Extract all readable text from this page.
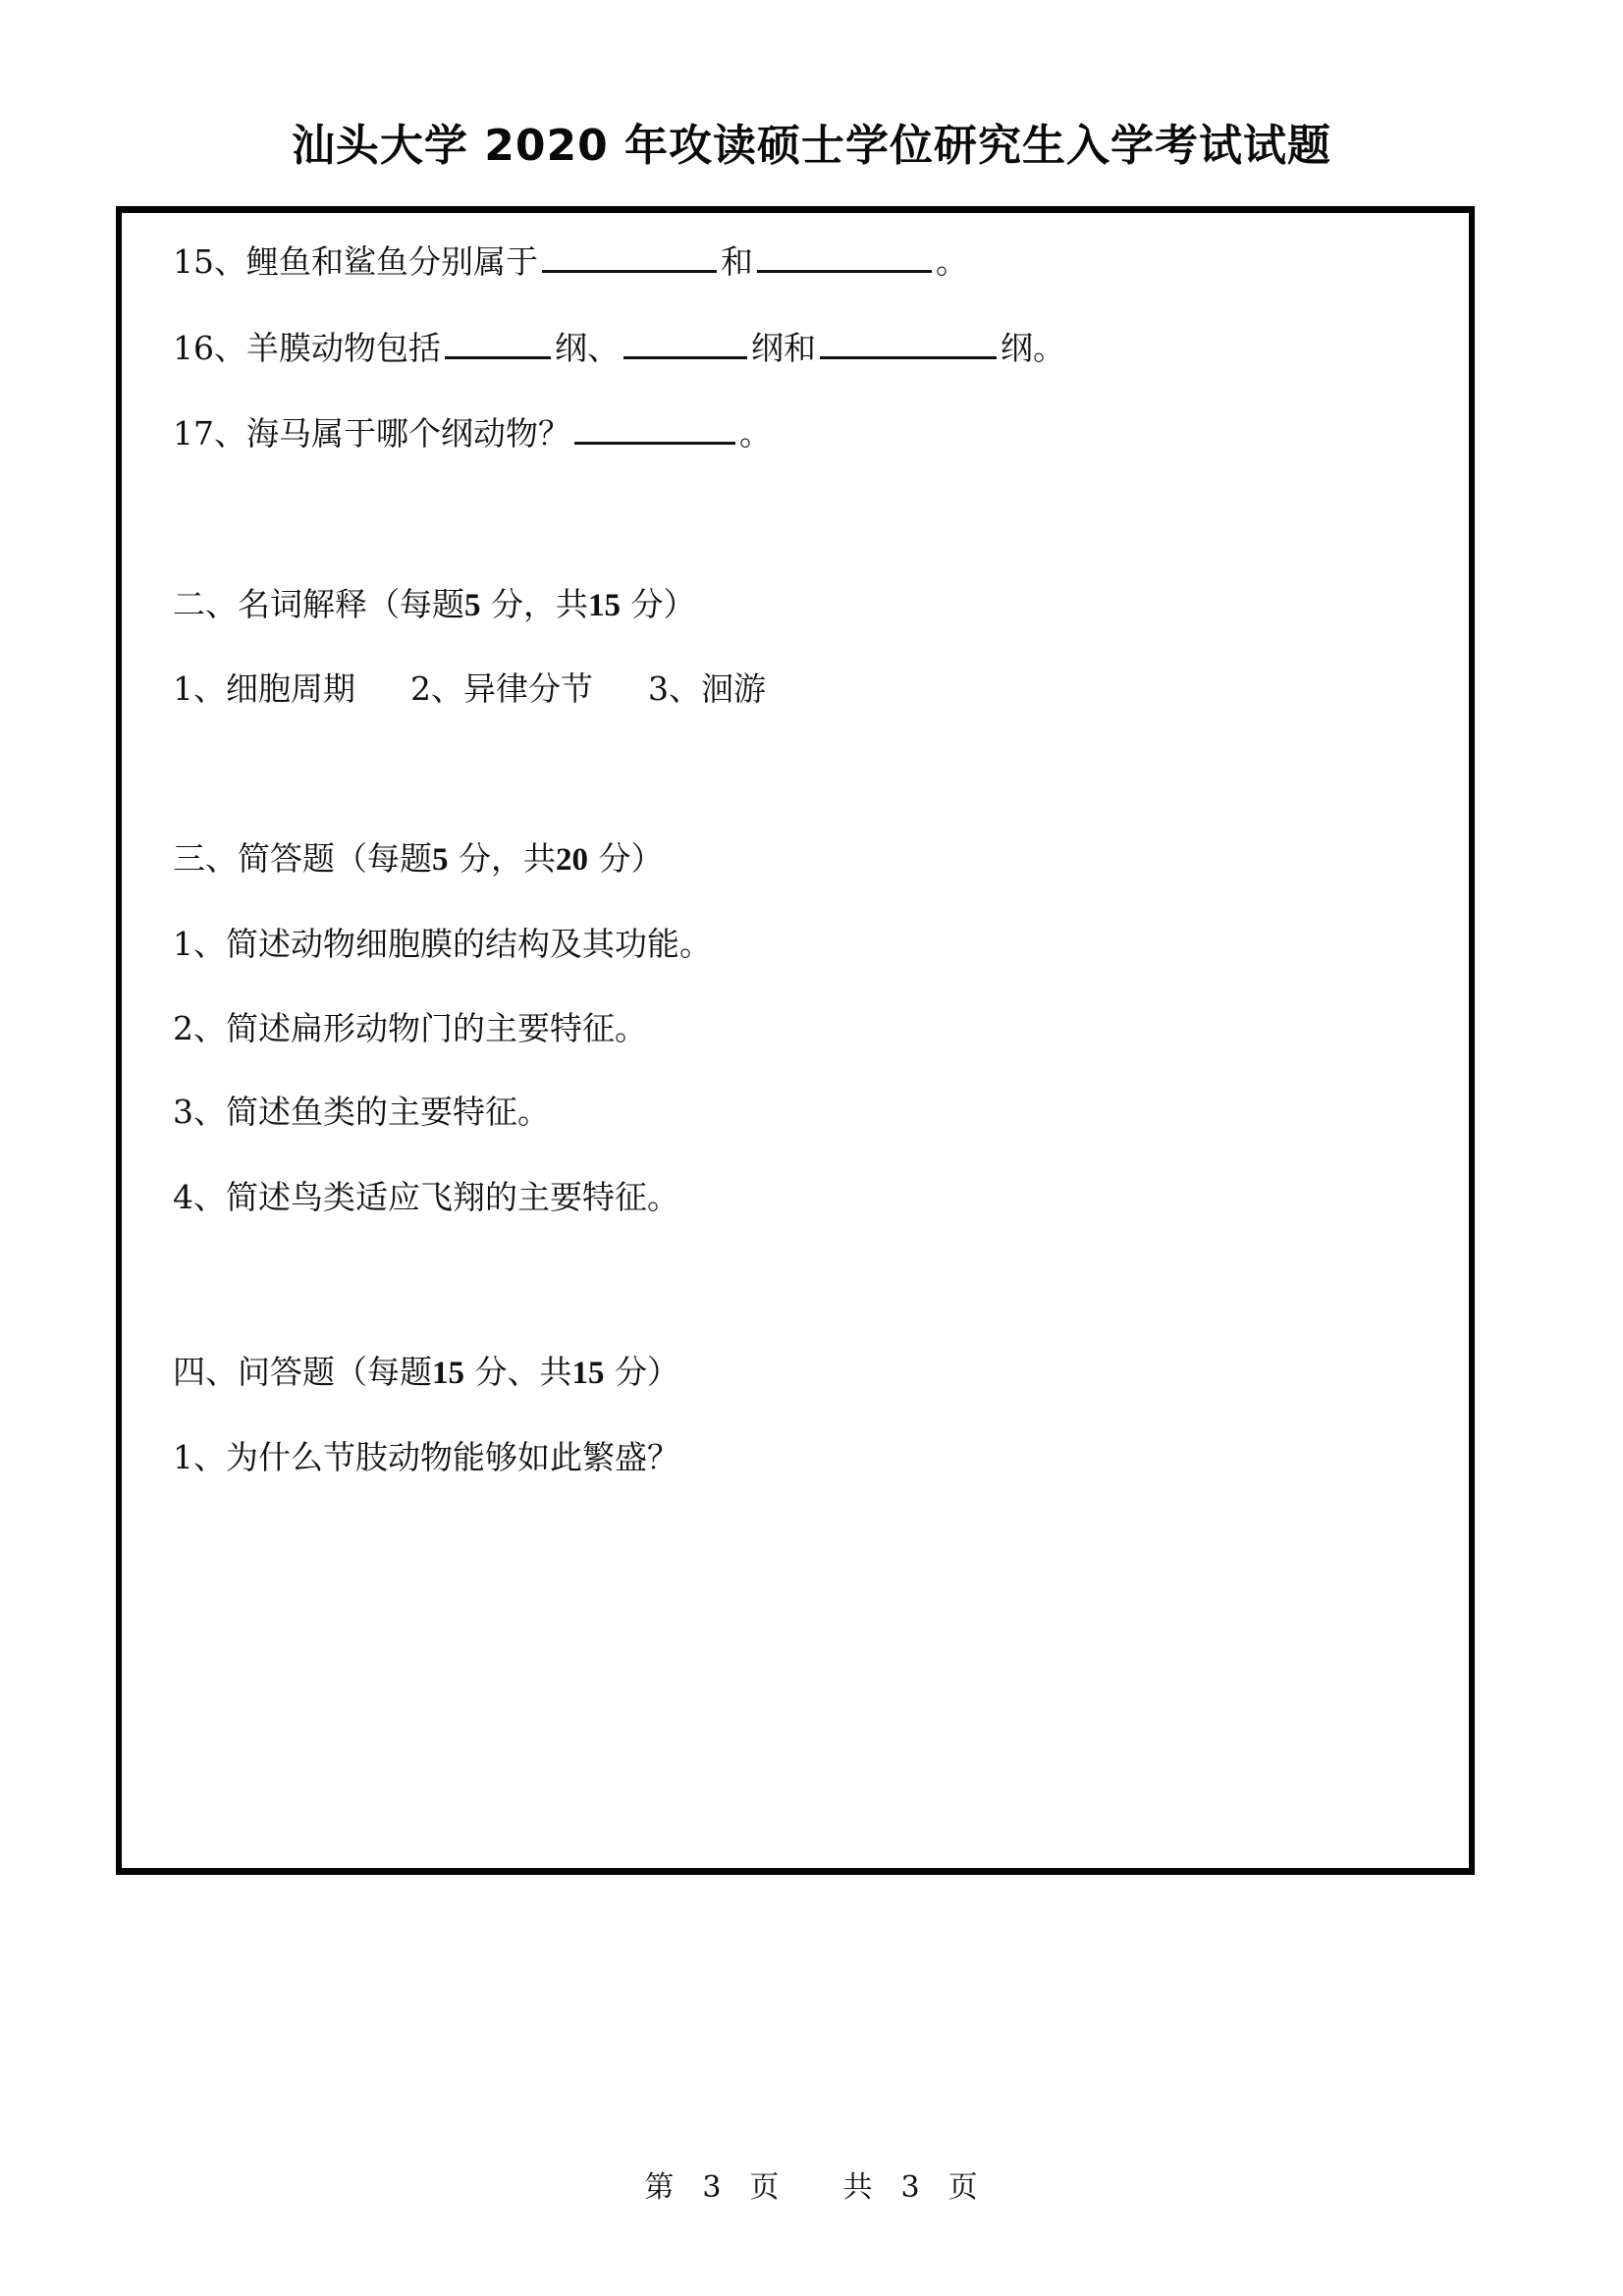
汕头大学 2020 年攻读硕士学位研究生入学考试试题
15、鲤鱼和鲨鱼分别属于	和	。
16、羊膜动物包括	纲、	纲和	纲。
17、海马属于哪个纲动物？	。
二、名词解释（每题5 分，共15 分）
1、细胞周期 2、异律分节 3、洄游
三、简答题（每题5 分，共20 分）
1、简述动物细胞膜的结构及其功能。
2、简述扁形动物门的主要特征。
3、简述鱼类的主要特征。
4、简述鸟类适应飞翔的主要特征。
四、问答题（每题15 分、共15 分）
1、为什么节肢动物能够如此繁盛？
第 3 页 共 3 页
